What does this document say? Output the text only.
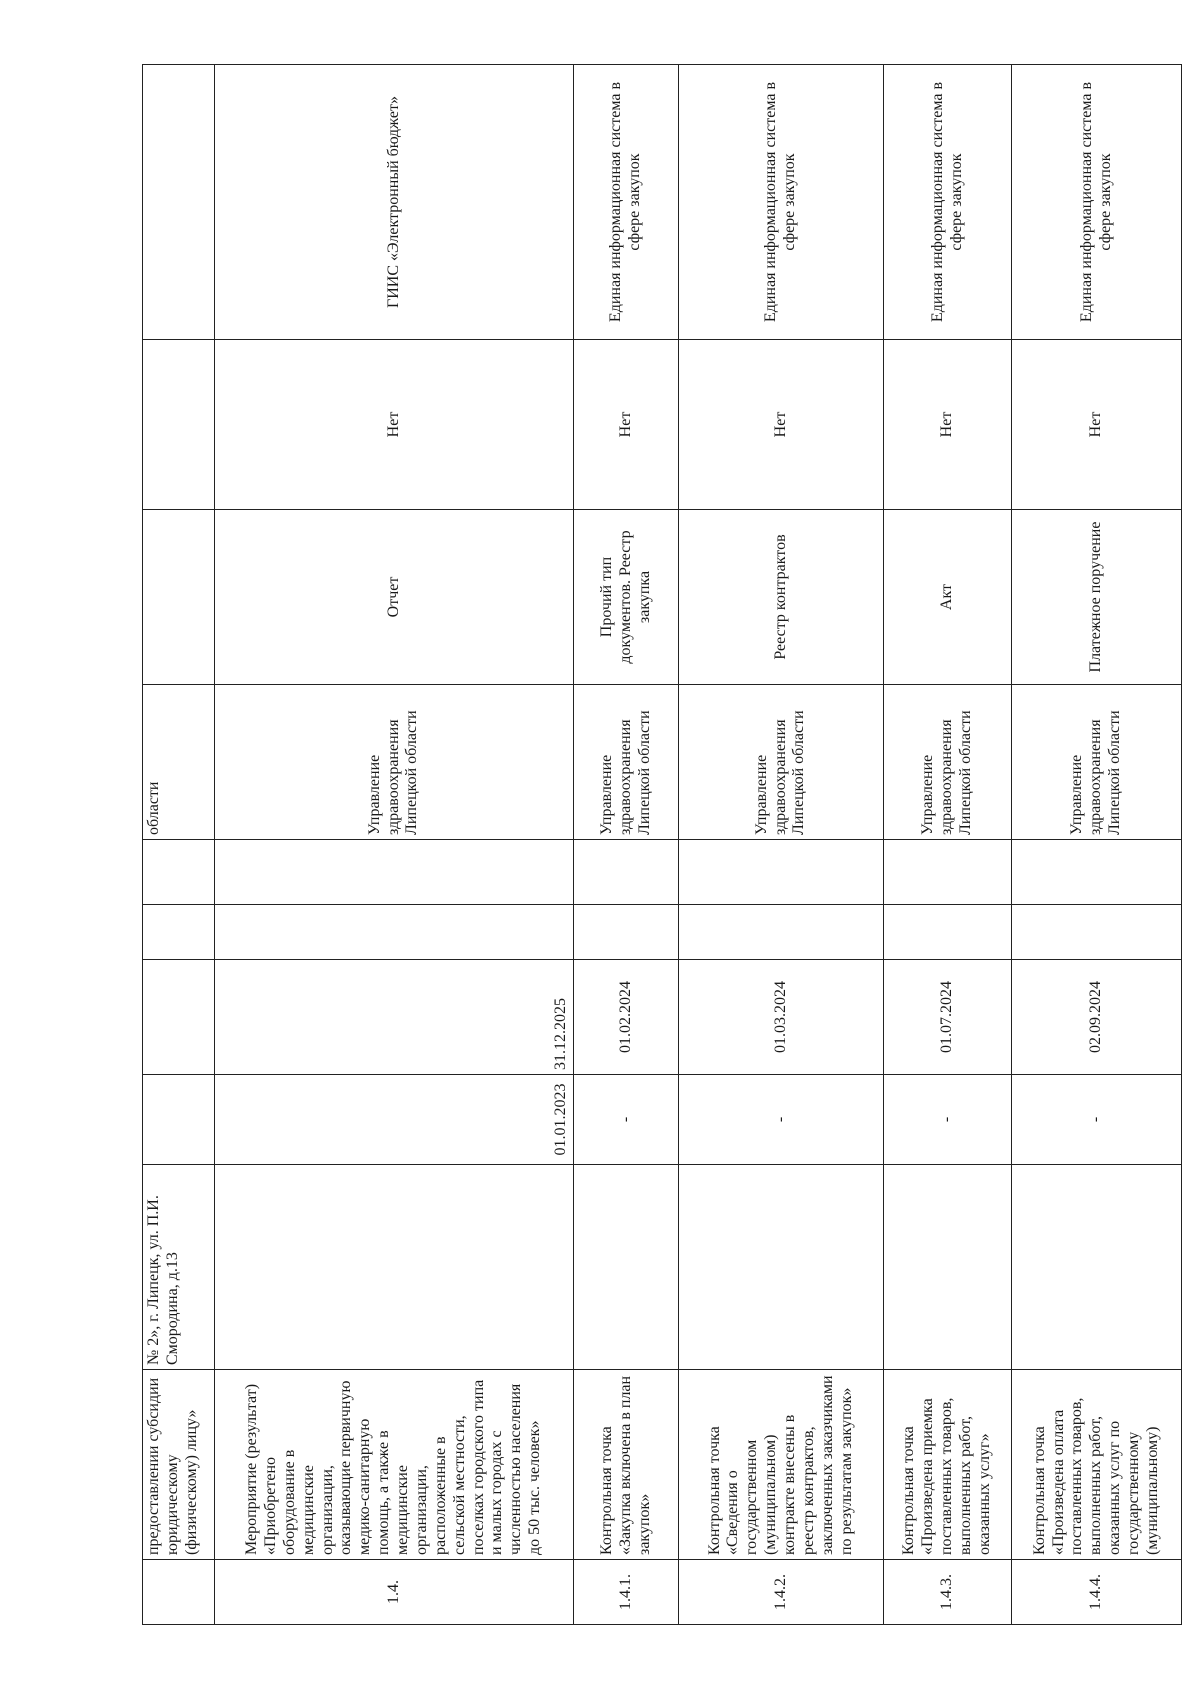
	предоставлении субсидии юридическому (физическому) лицу»	№ 2», г. Липецк, ул. П.И. Смородина, д.13					области			
1.4.	Мероприятие (результат) «Приобретено оборудование в медицинские организации, оказывающие первичную медико-санитарную помощь, а также в медицинские организации, расположенные в сельской местности, поселках городского типа и малых городах с численностью населения до 50 тыс. человек»		01.01.2023	31.12.2025			Управление здравоохранения Липецкой области	Отчет	Нет	ГИИС «Электронный бюджет»
1.4.1.	Контрольная точка «Закупка включена в план закупок»		-	01.02.2024			Управление здравоохранения Липецкой области	Прочий тип документов. Реестр закупка	Нет	Единая информационная система в сфере закупок
1.4.2.	Контрольная точка «Сведения о государственном (муниципальном) контракте внесены в реестр контрактов, заключенных заказчиками по результатам закупок»		-	01.03.2024			Управление здравоохранения Липецкой области	Реестр контрактов	Нет	Единая информационная система в сфере закупок
1.4.3.	Контрольная точка «Произведена приемка поставленных товаров, выполненных работ, оказанных услуг»		-	01.07.2024			Управление здравоохранения Липецкой области	Акт	Нет	Единая информационная система в сфере закупок
1.4.4.	Контрольная точка «Произведена оплата поставленных товаров, выполненных работ, оказанных услуг по государственному (муниципальному)		-	02.09.2024			Управление здравоохранения Липецкой области	Платежное поручение	Нет	Единая информационная система в сфере закупок
